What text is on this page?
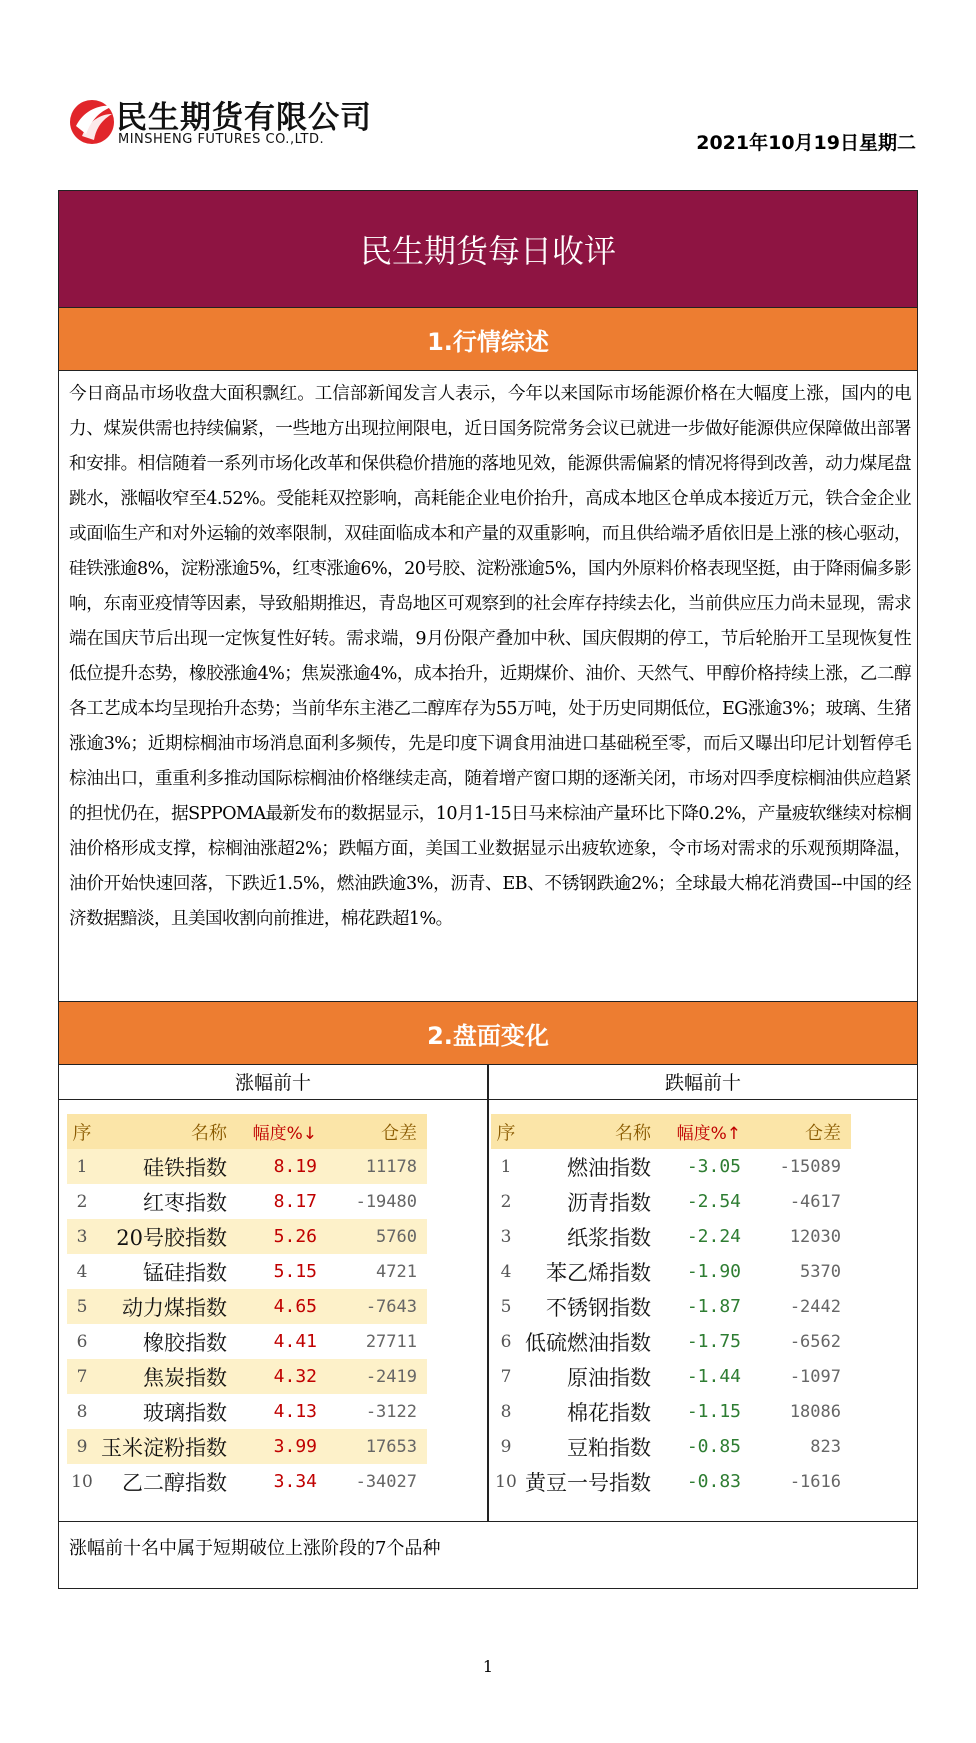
民生期货有限公司
MINSHENG FUTURES CO.,LTD.	2021年10月19日星期二
民生期货每日收评
1.行情综述

今日商品市场收盘大面积飘红。工信部新闻发言人表示，今年以来国际市场能源价格在大幅度上涨，国内的电力、煤炭供需也持续偏紧，一些地方出现拉闸限电，近日国务院常务会议已就进一步做好能源供应保障做出部署和安排。相信随着一系列市场化改革和保供稳价措施的落地见效，能源供需偏紧的情况将得到改善，动力煤尾盘跳水，涨幅收窄至4.52%。受能耗双控影响，高耗能企业电价抬升，高成本地区仓单成本接近万元，铁合金企业或面临生产和对外运输的效率限制，双硅面临成本和产量的双重影响，而且供给端矛盾依旧是上涨的核心驱动，硅铁涨逾8%，淀粉涨逾5%，红枣涨逾6%，20号胶、淀粉涨逾5%，国内外原料价格表现坚挺，由于降雨偏多影响，东南亚疫情等因素，导致船期推迟，青岛地区可观察到的社会库存持续去化，当前供应压力尚未显现，需求端在国庆节后出现一定恢复性好转。需求端，9月份限产叠加中秋、国庆假期的停工，节后轮胎开工呈现恢复性低位提升态势，橡胶涨逾4%；焦炭涨逾4%，成本抬升，近期煤价、油价、天然气、甲醇价格持续上涨，乙二醇各工艺成本均呈现抬升态势；当前华东主港乙二醇库存为55万吨，处于历史同期低位，EG涨逾3%；玻璃、生猪涨逾3%；近期棕榈油市场消息面利多频传，先是印度下调食用油进口基础税至零，而后又曝出印尼计划暂停毛棕油出口，重重利多推动国际棕榈油价格继续走高，随着增产窗口期的逐渐关闭，市场对四季度棕榈油供应趋紧的担忧仍在，据SPPOMA最新发布的数据显示，10月1-15日马来棕油产量环比下降0.2%，产量疲软继续对棕榈油价格形成支撑，棕榈油涨超2%；跌幅方面，美国工业数据显示出疲软迹象，令市场对需求的乐观预期降温，油价开始快速回落，下跌近1.5%，燃油跌逾3%，沥青、EB、不锈钢跌逾2%；全球最大棉花消费国--中国的经济数据黯淡，且美国收割向前推进，棉花跌超1%。

2.盘面变化
涨幅前十	跌幅前十
序	名称	幅度%↓	仓差
1	硅铁指数	8.19	11178
2	红枣指数	8.17	-19480
3	20号胶指数	5.26	5760
4	锰硅指数	5.15	4721
5	动力煤指数	4.65	-7643
6	橡胶指数	4.41	27711
7	焦炭指数	4.32	-2419
8	玻璃指数	4.13	-3122
9 玉米淀粉指数	3.99	17653
10	乙二醇指数	3.34	-34027
序	名称	幅度%↑	仓差
1	燃油指数	-3.05	-15089
2	沥青指数	-2.54	-4617
3	纸浆指数	-2.24	12030
4	苯乙烯指数	-1.90	5370
5	不锈钢指数	-1.87	-2442
6 低硫燃油指数	-1.75	-6562
7	原油指数	-1.44	-1097
8	棉花指数	-1.15	18086
9	豆粕指数	-0.85	823
10 黄豆一号指数	-0.83	-1616
涨幅前十名中属于短期破位上涨阶段的7个品种
1
